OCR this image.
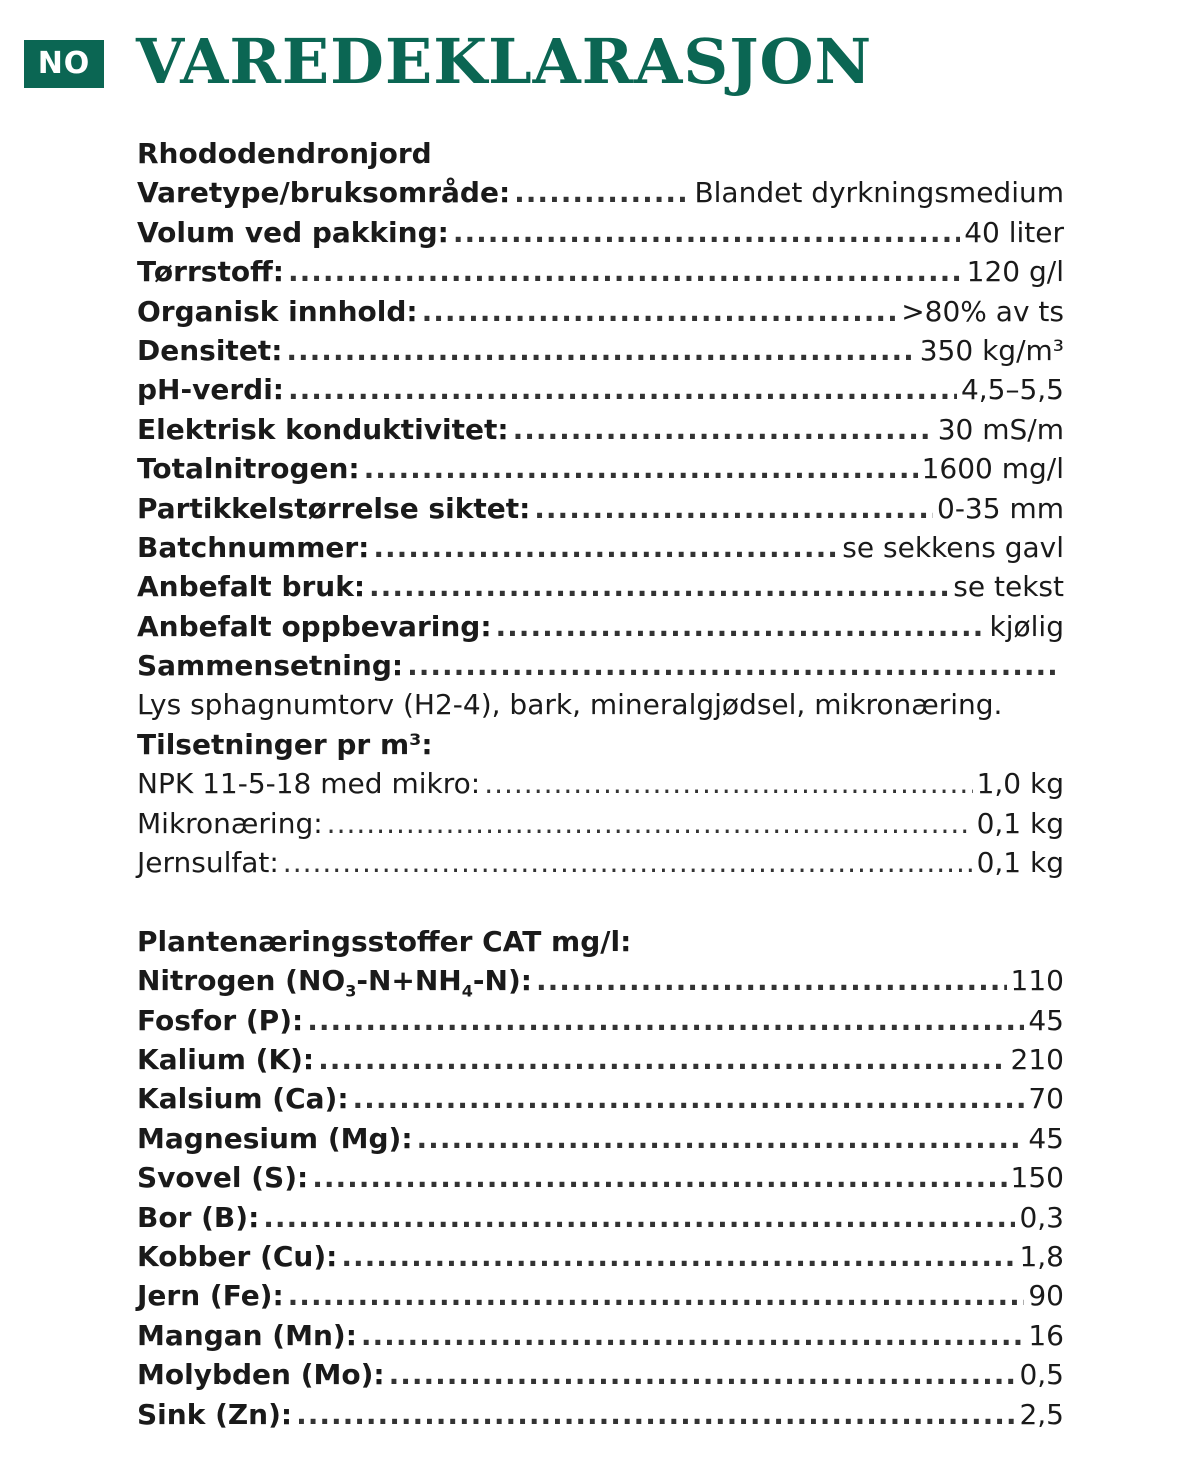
NO VAREDEKLARASJON
Rhododendronjord
Varetype/bruksområde: .....	Blandet dyrkningsmedium
Volum ved pakking: .....	40 liter
Tørrstoff: .....	120 g/l
Organisk innhold: .....	>80% av ts
Densitet: .....	350 kg/m³
pH-verdi: .....	4,5–5,5
Elektrisk konduktivitet: .....	30 mS/m
Totalnitrogen: .....	1600 mg/l
Partikkelstørrelse siktet: .....	0-35 mm
Batchnummer: .....	se sekkens gavl
Anbefalt bruk: .....	se tekst
Anbefalt oppbevaring: .....	kjølig
Sammensetning:
.....
Lys sphagnumtorv (H2-4), bark, mineralgjødsel, mikronæring.
Tilsetninger pr m³:
NPK 11-5-18 med mikro: .....	1,0 kg
Mikronæring: .....	0,1 kg
Jernsulfat: .....	0,1 kg
Plantenæringsstoffer CAT mg/l:
Nitrogen $(NO_3-N+NH_4-N)$: .....	110
Fosfor (P): .....	45
Kalium (K): .....	210
Kalsium (Ca): .....	70
Magnesium (Mg): .....	45
Svovel (S): .....	150
Bor (B): .....	0,3
Kobber (Cu): .....	1,8
Jern (Fe): .....	90
Mangan (Mn): .....	16
Molybden (Mo): .....	0,5
Sink (Zn): .....	2,5
